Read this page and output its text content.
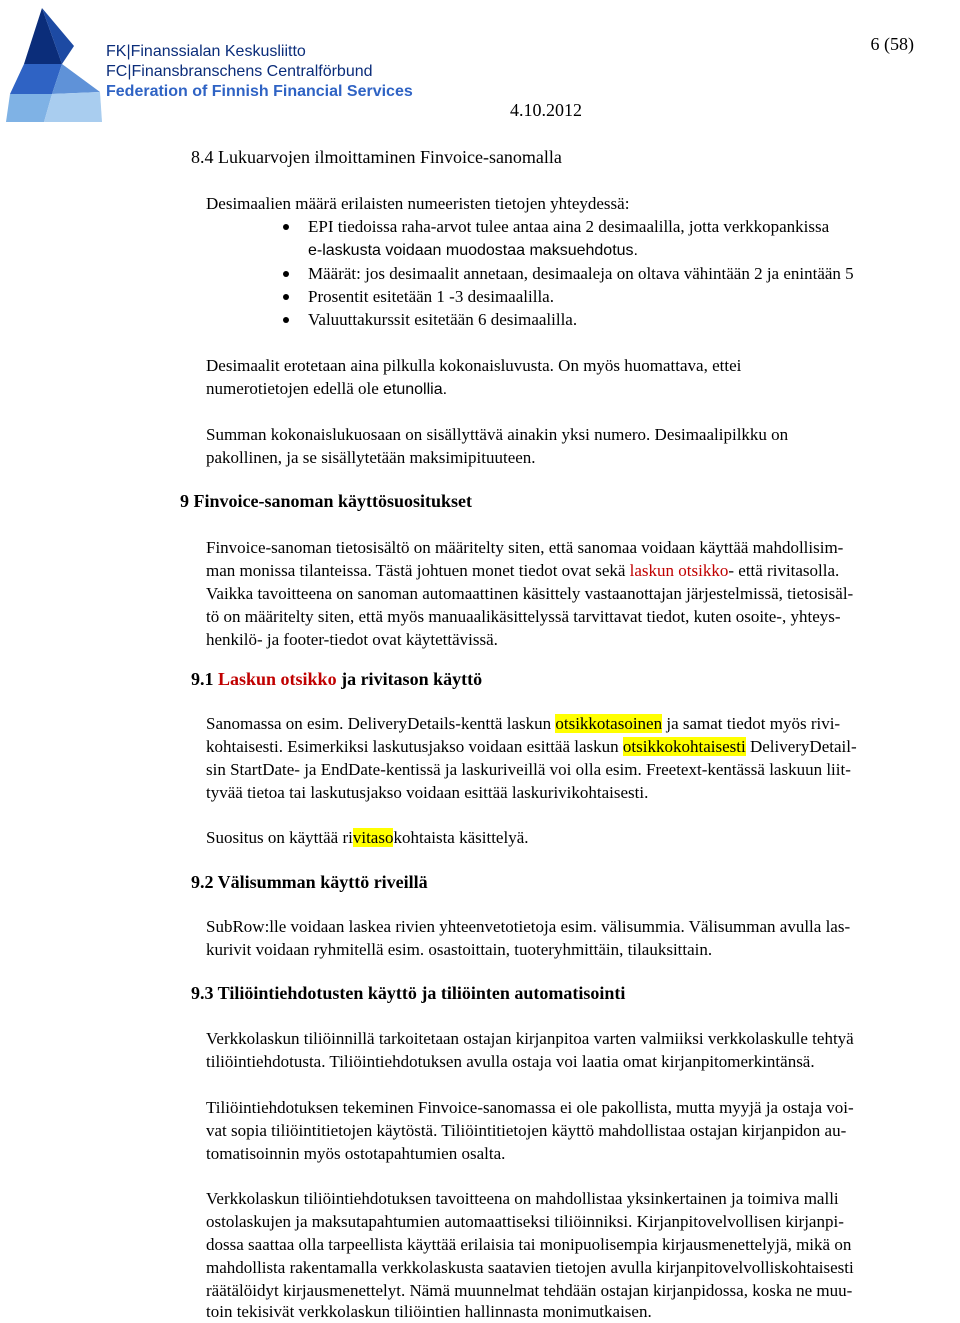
FK|Finanssialan Keskusliitto
FC|Finansbranschens Centralförbund
Federation of Finnish Financial Services
6 (58)
4.10.2012
8.4 Lukuarvojen ilmoittaminen Finvoice-sanomalla
Desimaalien määrä erilaisten numeeristen tietojen yhteydessä:
EPI tiedoissa raha-arvot tulee antaa aina 2 desimaalilla, jotta verkkopankissa
e-laskusta voidaan muodostaa maksuehdotus.
Määrät: jos desimaalit annetaan, desimaaleja on oltava vähintään 2 ja enintään 5
Prosentit esitetään 1 -3 desimaalilla.
Valuuttakurssit esitetään 6 desimaalilla.
Desimaalit erotetaan aina pilkulla kokonaisluvusta. On myös huomattava, ettei
numerotietojen edellä ole etunollia.
Summan kokonaislukuosaan on sisällyttävä ainakin yksi numero. Desimaalipilkku on
pakollinen, ja se sisällytetään maksimipituuteen.
9 Finvoice-sanoman käyttösuositukset
Finvoice-sanoman tietosisältö on määritelty siten, että sanomaa voidaan käyttää mahdollisim-
man monissa tilanteissa. Tästä johtuen monet tiedot ovat sekä laskun otsikko- että rivitasolla.
Vaikka tavoitteena on sanoman automaattinen käsittely vastaanottajan järjestelmissä, tietosisäl-
tö on määritelty siten, että myös manuaalikäsittelyssä tarvittavat tiedot, kuten osoite-, yhteys-
henkilö- ja footer-tiedot ovat käytettävissä.
9.1 Laskun otsikko ja rivitason käyttö
Sanomassa on esim. DeliveryDetails-kenttä laskun otsikkotasoinen ja samat tiedot myös rivi-
kohtaisesti. Esimerkiksi laskutusjakso voidaan esittää laskun otsikkokohtaisesti DeliveryDetail-
sin StartDate- ja EndDate-kentissä ja laskuriveillä voi olla esim. Freetext-kentässä laskuun liit-
tyvää tietoa tai laskutusjakso voidaan esittää laskurivikohtaisesti.
Suositus on käyttää rivitasokohtaista käsittelyä.
9.2 Välisumman käyttö riveillä
SubRow:lle voidaan laskea rivien yhteenvetotietoja esim. välisummia. Välisumman avulla las-
kurivit voidaan ryhmitellä esim. osastoittain, tuoteryhmittäin, tilauksittain.
9.3 Tiliöintiehdotusten käyttö ja tiliöinten automatisointi
Verkkolaskun tiliöinnillä tarkoitetaan ostajan kirjanpitoa varten valmiiksi verkkolaskulle tehtyä
tiliöintiehdotusta. Tiliöintiehdotuksen avulla ostaja voi laatia omat kirjanpitomerkintänsä.
Tiliöintiehdotuksen tekeminen Finvoice-sanomassa ei ole pakollista, mutta myyjä ja ostaja voi-
vat sopia tiliöintitietojen käytöstä. Tiliöintitietojen käyttö mahdollistaa ostajan kirjanpidon au-
tomatisoinnin myös ostotapahtumien osalta.
Verkkolaskun tiliöintiehdotuksen tavoitteena on mahdollistaa yksinkertainen ja toimiva malli
ostolaskujen ja maksutapahtumien automaattiseksi tiliöinniksi. Kirjanpitovelvollisen kirjanpi-
dossa saattaa olla tarpeellista käyttää erilaisia tai monipuolisempia kirjausmenettelyjä, mikä on
mahdollista rakentamalla verkkolaskusta saatavien tietojen avulla kirjanpitovelvolliskohtaisesti
räätälöidyt kirjausmenettelyt. Nämä muunnelmat tehdään ostajan kirjanpidossa, koska ne muu-
toin tekisivät verkkolaskun tiliöintien hallinnasta monimutkaisen.
